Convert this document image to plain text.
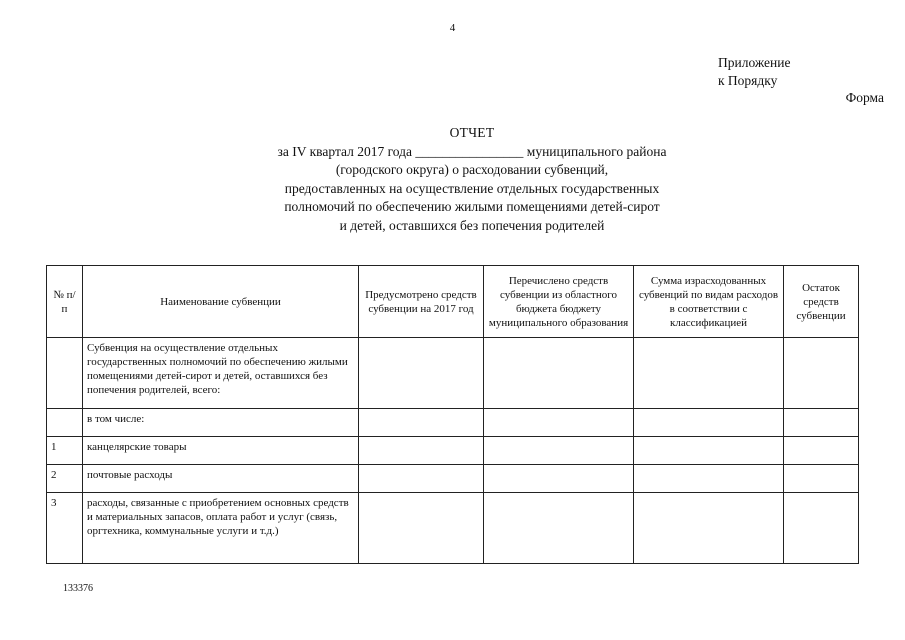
4
Приложение
к Порядку
Форма
ОТЧЕТ
за IV квартал 2017 года ________________ муниципального района
(городского округа) о расходовании субвенций,
предоставленных на осуществление отдельных государственных
полномочий по обеспечению жилыми помещениями детей-сирот
и детей, оставшихся без попечения родителей
№ п/п	Наименование субвенции	Предусмотрено средств субвенции на 2017 год	Перечислено средств субвенции из областного бюджета бюджету муниципального образования	Сумма израсходованных субвенций по видам расходов в соответствии с классификацией	Остаток средств субвенции
	Субвенция на осуществление отдельных государственных полномочий по обеспечению жилыми помещениями детей-сирот и детей, оставшихся без попечения родителей, всего:				
	в том числе:				
1	канцелярские товары				
2	почтовые расходы				
3	расходы, связанные с приобретением основных средств и материальных запасов, оплата работ и услуг (связь, оргтехника, коммунальные услуги и т.д.)				
133376
